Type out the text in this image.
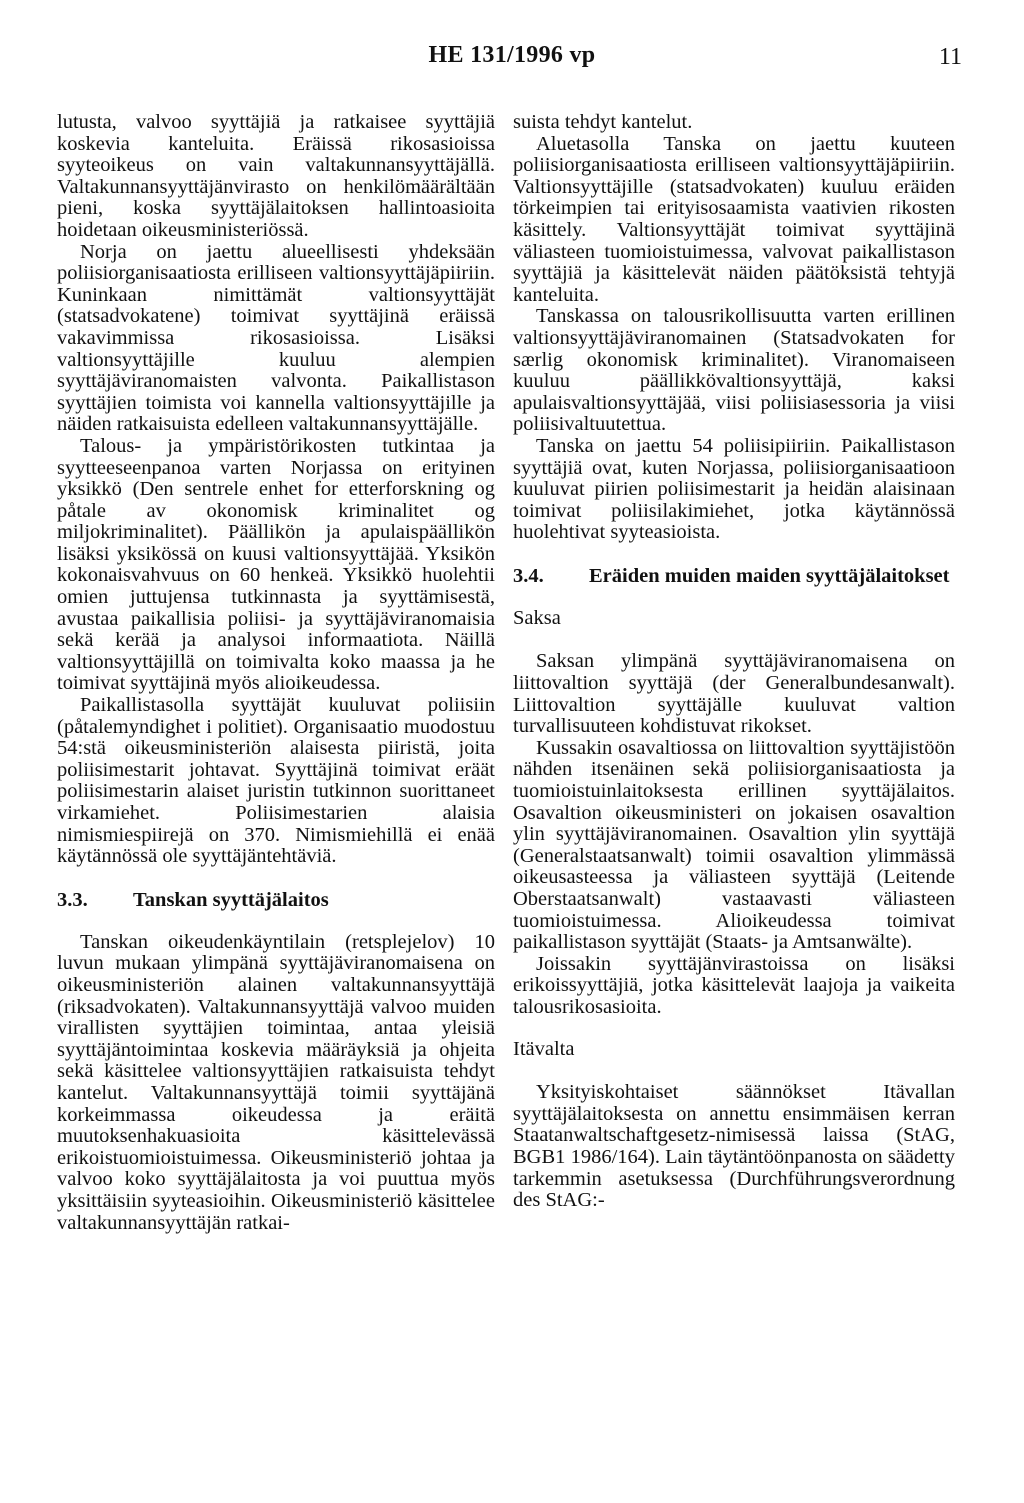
HE 131/1996 vp	11

lutusta, valvoo syyttäjiä ja ratkaisee syyttäjiä koskevia kanteluita. Eräissä rikosasioissa syyteoikeus on vain valtakunnansyyttäjällä. Valtakunnansyyttäjänvirasto on henkilömäärältään pieni, koska syyttäjälaitoksen hallintoasioita hoidetaan oikeusministeriössä.

Norja on jaettu alueellisesti yhdeksään poliisiorganisaatiosta erilliseen valtionsyyttäjäpiiriin. Kuninkaan nimittämät valtionsyyttäjät (statsadvokatene) toimivat syyttäjinä eräissä vakavimmissa rikosasioissa. Lisäksi valtionsyyttäjille kuuluu alempien syyttäjäviranomaisten valvonta. Paikallistason syyttäjien toimista voi kannella valtionsyyttäjille ja näiden ratkaisuista edelleen valtakunnansyyttäjälle.

Talous- ja ympäristörikosten tutkintaa ja syytteeseenpanoa varten Norjassa on erityinen yksikkö (Den sentrele enhet for etterforskning og påtale av okonomisk kriminalitet og miljokriminalitet). Päällikön ja apulaispäällikön lisäksi yksikössä on kuusi valtionsyyttäjää. Yksikön kokonaisvahvuus on 60 henkeä. Yksikkö huolehtii omien juttujensa tutkinnasta ja syyttämisestä, avustaa paikallisia poliisi- ja syyttäjäviranomaisia sekä kerää ja analysoi informaatiota. Näillä valtionsyyttäjillä on toimivalta koko maassa ja he toimivat syyttäjinä myös alioikeudessa.

Paikallistasolla syyttäjät kuuluvat poliisiin (påtalemyndighet i politiet). Organisaatio muodostuu 54:stä oikeusministeriön alaisesta piiristä, joita poliisimestarit johtavat. Syyttäjinä toimivat eräät poliisimestarin alaiset juristin tutkinnon suorittaneet virkamiehet. Poliisimestarien alaisia nimismiespiirejä on 370. Nimismiehillä ei enää käytännössä ole syyttäjäntehtäviä.

3.3.	Tanskan syyttäjälaitos

Tanskan oikeudenkäyntilain (retsplejelov) 10 luvun mukaan ylimpänä syyttäjäviranomaisena on oikeusministeriön alainen valtakunnansyyttäjä (riksadvokaten). Valtakunnansyyttäjä valvoo muiden virallisten syyttäjien toimintaa, antaa yleisiä syyttäjäntoimintaa koskevia määräyksiä ja ohjeita sekä käsittelee valtionsyyttäjien ratkaisuista tehdyt kantelut. Valtakunnansyyttäjä toimii syyttäjänä korkeimmassa oikeudessa ja eräitä muutoksenhakuasioita käsittelevässä erikoistuomioistuimessa. Oikeusministeriö johtaa ja valvoo koko syyttäjälaitosta ja voi puuttua myös yksittäisiin syyteasioihin. Oikeusministeriö käsittelee valtakunnansyyttäjän ratkai-

suista tehdyt kantelut.

Aluetasolla Tanska on jaettu kuuteen poliisiorganisaatiosta erilliseen valtionsyyttäjäpiiriin. Valtionsyyttäjille (statsadvokaten) kuuluu eräiden törkeimpien tai erityisosaamista vaativien rikosten käsittely. Valtionsyyttäjät toimivat syyttäjinä väliasteen tuomioistuimessa, valvovat paikallistason syyttäjiä ja käsittelevät näiden päätöksistä tehtyjä kanteluita.

Tanskassa on talousrikollisuutta varten erillinen valtionsyyttäjäviranomainen (Statsadvokaten for særlig okonomisk kriminalitet). Viranomaiseen kuuluu päällikkövaltionsyyttäjä, kaksi apulaisvaltionsyyttäjää, viisi poliisiasessoria ja viisi poliisivaltuutettua.

Tanska on jaettu 54 poliisipiiriin. Paikallistason syyttäjiä ovat, kuten Norjassa, poliisiorganisaatioon kuuluvat piirien poliisimestarit ja heidän alaisinaan toimivat poliisilakimiehet, jotka käytännössä huolehtivat syyteasioista.

3.4.	Eräiden muiden maiden syyttäjälaitokset
Saksa

Saksan ylimpänä syyttäjäviranomaisena on liittovaltion syyttäjä (der Generalbundesanwalt). Liittovaltion syyttäjälle kuuluvat valtion turvallisuuteen kohdistuvat rikokset.

Kussakin osavaltiossa on liittovaltion syyttäjistöön nähden itsenäinen sekä poliisiorganisaatiosta ja tuomioistuinlaitoksesta erillinen syyttäjälaitos. Osavaltion oikeusministeri on jokaisen osavaltion ylin syyttäjäviranomainen. Osavaltion ylin syyttäjä (Generalstaatsanwalt) toimii osavaltion ylimmässä oikeusasteessa ja väliasteen syyttäjä (Leitende Oberstaatsanwalt) vastaavasti väliasteen tuomioistuimessa. Alioikeudessa toimivat paikallistason syyttäjät (Staats- ja Amtsanwälte).

Joissakin syyttäjänvirastoissa on lisäksi erikoissyyttäjiä, jotka käsittelevät laajoja ja vaikeita talousrikosasioita.

Itävalta

Yksityiskohtaiset säännökset Itävallan syyttäjälaitoksesta on annettu ensimmäisen kerran Staatanwaltschaftgesetz-nimisessä laissa (StAG, BGB1 1986/164). Lain täytäntöönpanosta on säädetty tarkemmin asetuksessa (Durchführungsverordnung des StAG:-
